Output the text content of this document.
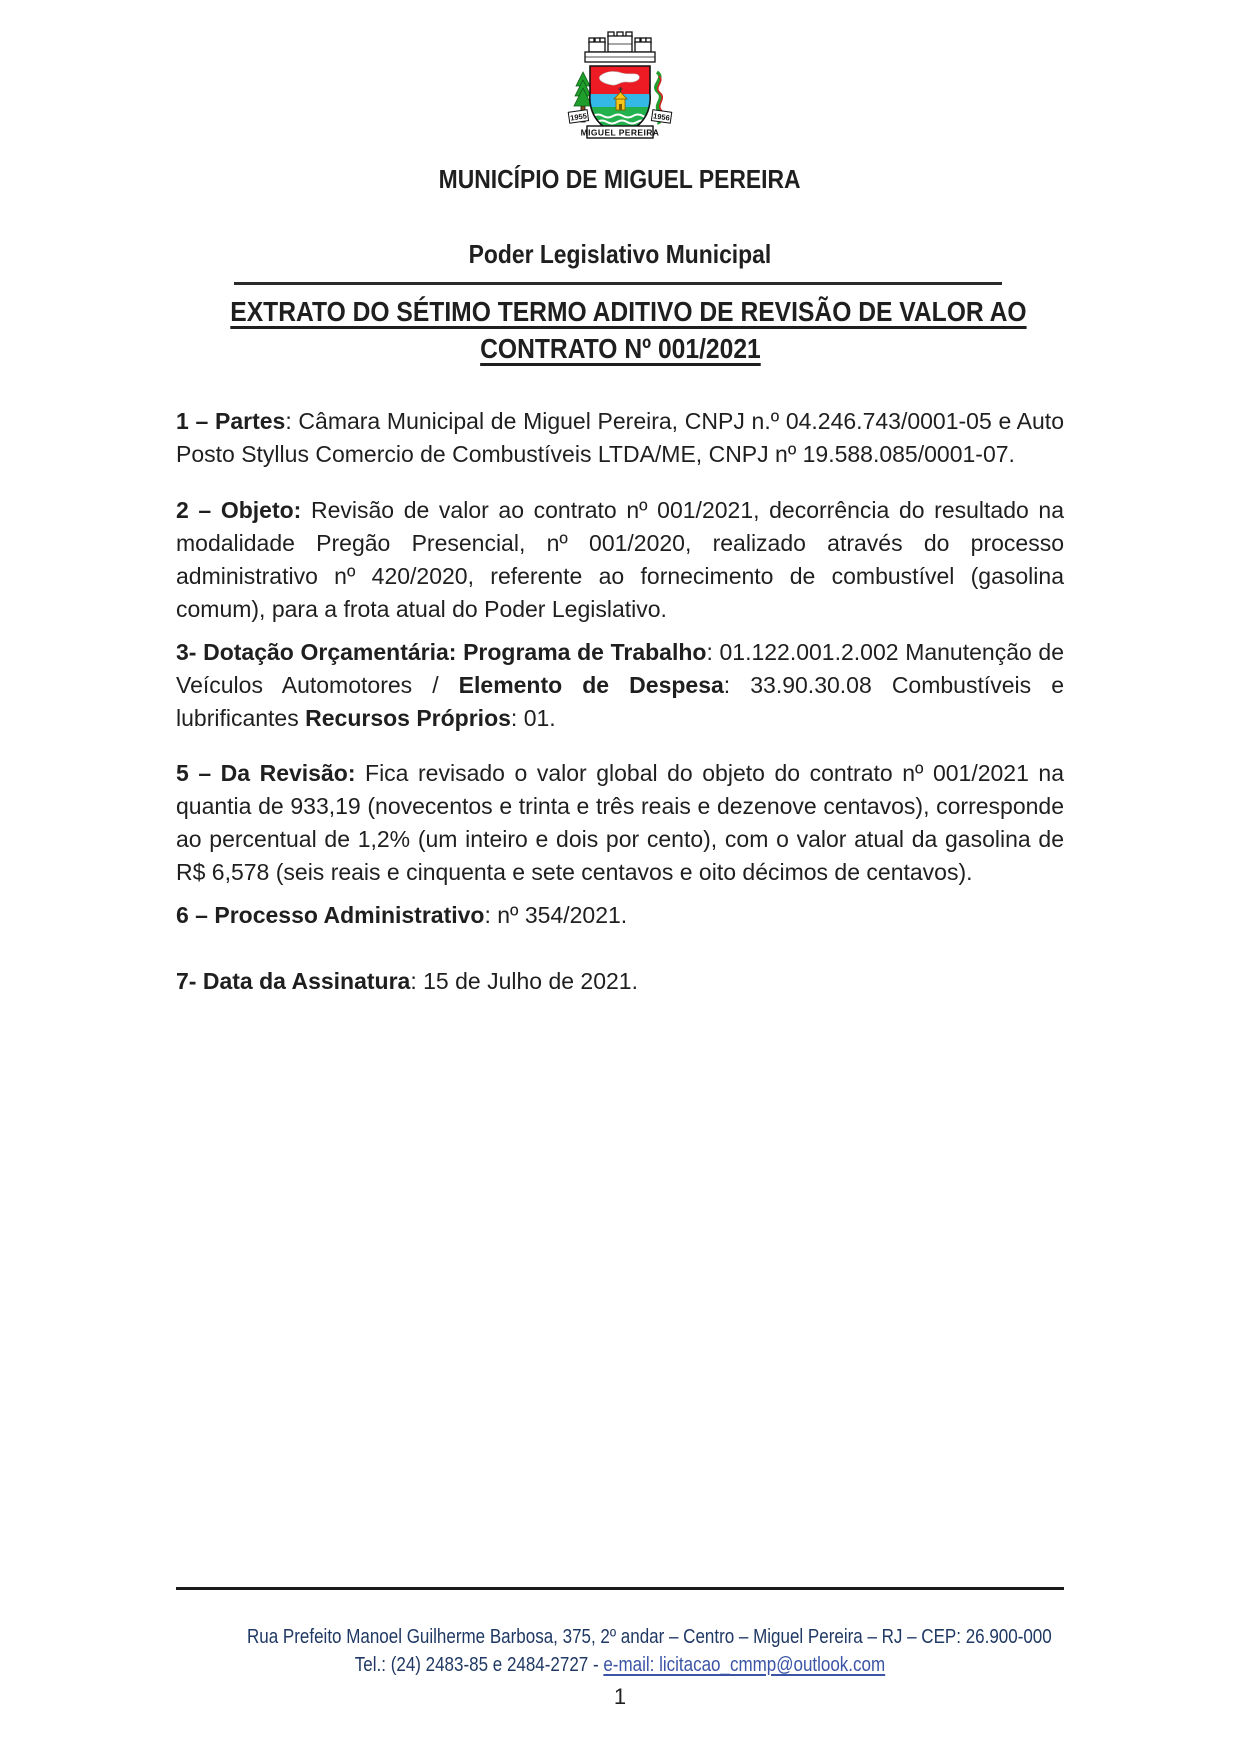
1955	1956
MIGUEL PEREIRA
MUNICÍPIO DE MIGUEL PEREIRA
Poder Legislativo Municipal
EXTRATO DO SÉTIMO TERMO ADITIVO DE REVISÃO DE VALOR AO
CONTRATO Nº 001/2021

1 – Partes: Câmara Municipal de Miguel Pereira, CNPJ n.º 04.246.743/0001-05 e Auto Posto Styllus Comercio de Combustíveis LTDA/ME, CNPJ nº 19.588.085/0001-07.

2 – Objeto: Revisão de valor ao contrato nº 001/2021, decorrência do resultado na modalidade Pregão Presencial, nº 001/2020, realizado através do processo administrativo nº 420/2020, referente ao fornecimento de combustível (gasolina comum), para a frota atual do Poder Legislativo.

3- Dotação Orçamentária: Programa de Trabalho: 01.122.001.2.002 Manutenção de Veículos Automotores / Elemento de Despesa: 33.90.30.08 Combustíveis e lubrificantes Recursos Próprios: 01.

5 – Da Revisão: Fica revisado o valor global do objeto do contrato nº 001/2021 na quantia de 933,19 (novecentos e trinta e três reais e dezenove centavos), corresponde ao percentual de 1,2% (um inteiro e dois por cento), com o valor atual da gasolina de R$ 6,578 (seis reais e cinquenta e sete centavos e oito décimos de centavos).

6 – Processo Administrativo: nº 354/2021.

7- Data da Assinatura: 15 de Julho de 2021.

Rua Prefeito Manoel Guilherme Barbosa, 375, 2º andar – Centro – Miguel Pereira – RJ – CEP: 26.900-000
Tel.: (24) 2483-85 e 2484-2727 - e-mail: licitacao_cmmp@outlook.com
1
